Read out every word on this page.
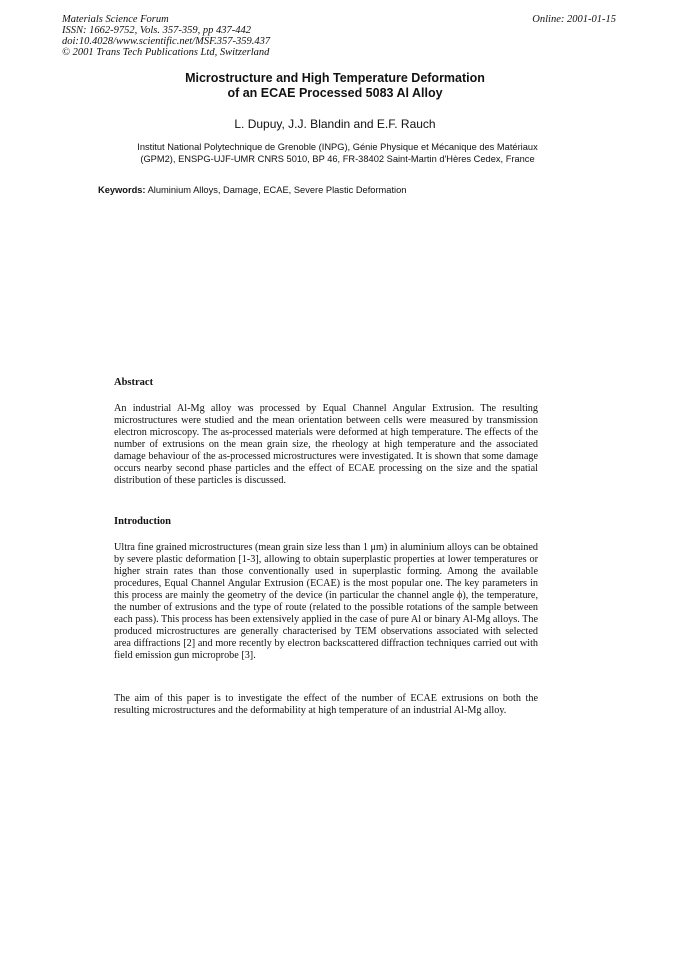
Materials Science Forum
ISSN: 1662-9752, Vols. 357-359, pp 437-442
doi:10.4028/www.scientific.net/MSF.357-359.437
© 2001 Trans Tech Publications Ltd, Switzerland
Online: 2001-01-15
Microstructure and High Temperature Deformation
of an ECAE Processed 5083 Al Alloy
L. Dupuy, J.J. Blandin and E.F. Rauch
Institut National Polytechnique de Grenoble (INPG), Génie Physique et Mécanique des Matériaux
(GPM2), ENSPG-UJF-UMR CNRS 5010, BP 46, FR-38402 Saint-Martin d'Hères Cedex, France
Keywords: Aluminium Alloys, Damage, ECAE, Severe Plastic Deformation
Abstract
An industrial Al-Mg alloy was processed by Equal Channel Angular Extrusion. The resulting microstructures were studied and the mean orientation between cells were measured by transmission electron microscopy. The as-processed materials were deformed at high temperature. The effects of the number of extrusions on the mean grain size, the rheology at high temperature and the associated damage behaviour of the as-processed microstructures were investigated. It is shown that some damage occurs nearby second phase particles and the effect of ECAE processing on the size and the spatial distribution of these particles is discussed.
Introduction
Ultra fine grained microstructures (mean grain size less than 1 μm) in aluminium alloys can be obtained by severe plastic deformation [1-3], allowing to obtain superplastic properties at lower temperatures or higher strain rates than those conventionally used in superplastic forming. Among the available procedures, Equal Channel Angular Extrusion (ECAE) is the most popular one. The key parameters in this process are mainly the geometry of the device (in particular the channel angle ϕ), the temperature, the number of extrusions and the type of route (related to the possible rotations of the sample between each pass). This process has been extensively applied in the case of pure Al or binary Al-Mg alloys. The produced microstructures are generally characterised by TEM observations associated with selected area diffractions [2] and more recently by electron backscattered diffraction techniques carried out with field emission gun microprobe [3].
The aim of this paper is to investigate the effect of the number of ECAE extrusions on both the resulting microstructures and the deformability at high temperature of an industrial Al-Mg alloy.
